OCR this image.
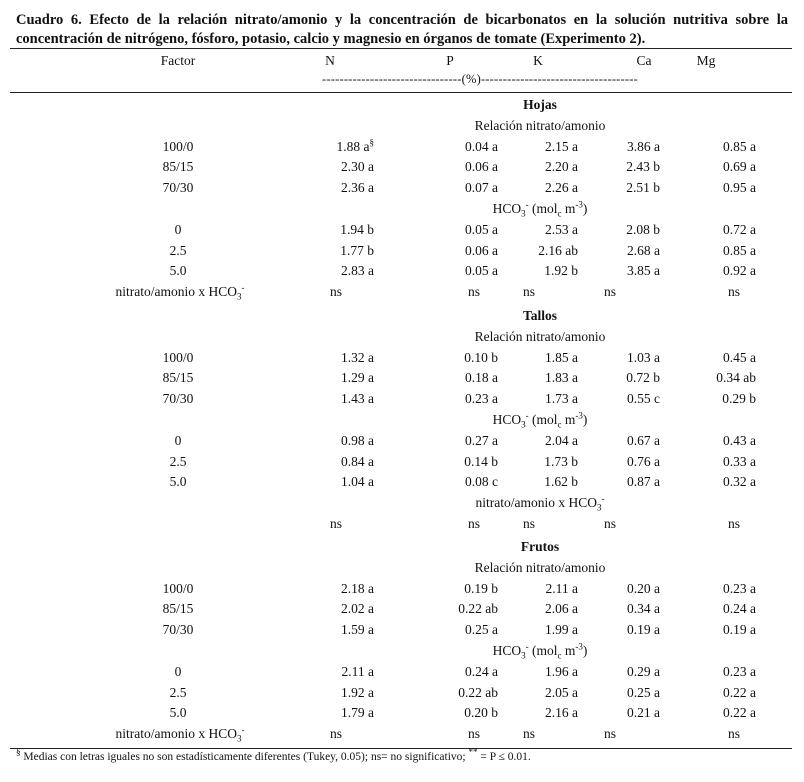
Cuadro 6. Efecto de la relación nitrato/amonio y la concentración de bicarbonatos en la solución nutritiva sobre la concentración de nitrógeno, fósforo, potasio, calcio y magnesio en órganos de tomate (Experimento 2).
Factor	N	P	K	Ca	Mg
--------------------------------(%)------------------------------------
Hojas
Relación nitrato/amonio
100/0	1.88 a§	0.04 a	2.15 a	3.86 a	0.85 a
85/15	2.30 a	0.06 a	2.20 a	2.43 b	0.69 a
70/30	2.36 a	0.07 a	2.26 a	2.51 b	0.95 a
$HCO_3^-$ (mol$_c$ $m^{-3}$)
0	1.94 b	0.05 a	2.53 a	2.08 b	0.72 a
2.5	1.77 b	0.06 a	2.16 ab	2.68 a	0.85 a
5.0	2.83 a	0.05 a	1.92 b	3.85 a	0.92 a
nitrato/amonio x $HCO_3^-$	ns	ns	ns	ns	ns
Tallos
Relación nitrato/amonio
100/0	1.32 a	0.10 b	1.85 a	1.03 a	0.45 a
85/15	1.29 a	0.18 a	1.83 a	0.72 b	0.34 ab
70/30	1.43 a	0.23 a	1.73 a	0.55 c	0.29 b
$HCO_3^-$ (mol$_c$ $m^{-3}$)
0	0.98 a	0.27 a	2.04 a	0.67 a	0.43 a
2.5	0.84 a	0.14 b	1.73 b	0.76 a	0.33 a
5.0	1.04 a	0.08 c	1.62 b	0.87 a	0.32 a
nitrato/amonio x $HCO_3^-$
ns	ns	ns	ns	ns
Frutos
Relación nitrato/amonio
100/0	2.18 a	0.19 b	2.11 a	0.20 a	0.23 a
85/15	2.02 a	0.22 ab	2.06 a	0.34 a	0.24 a
70/30	1.59 a	0.25 a	1.99 a	0.19 a	0.19 a
$HCO_3^-$ (mol$_c$ $m^{-3}$)
0	2.11 a	0.24 a	1.96 a	0.29 a	0.23 a
2.5	1.92 a	0.22 ab	2.05 a	0.25 a	0.22 a
5.0	1.79 a	0.20 b	2.16 a	0.21 a	0.22 a
nitrato/amonio x $HCO_3^-$	ns	ns	ns	ns	ns
§ Medias con letras iguales no son estadísticamente diferentes (Tukey, 0.05); ns= no significativo; ** = P ≤ 0.01.
